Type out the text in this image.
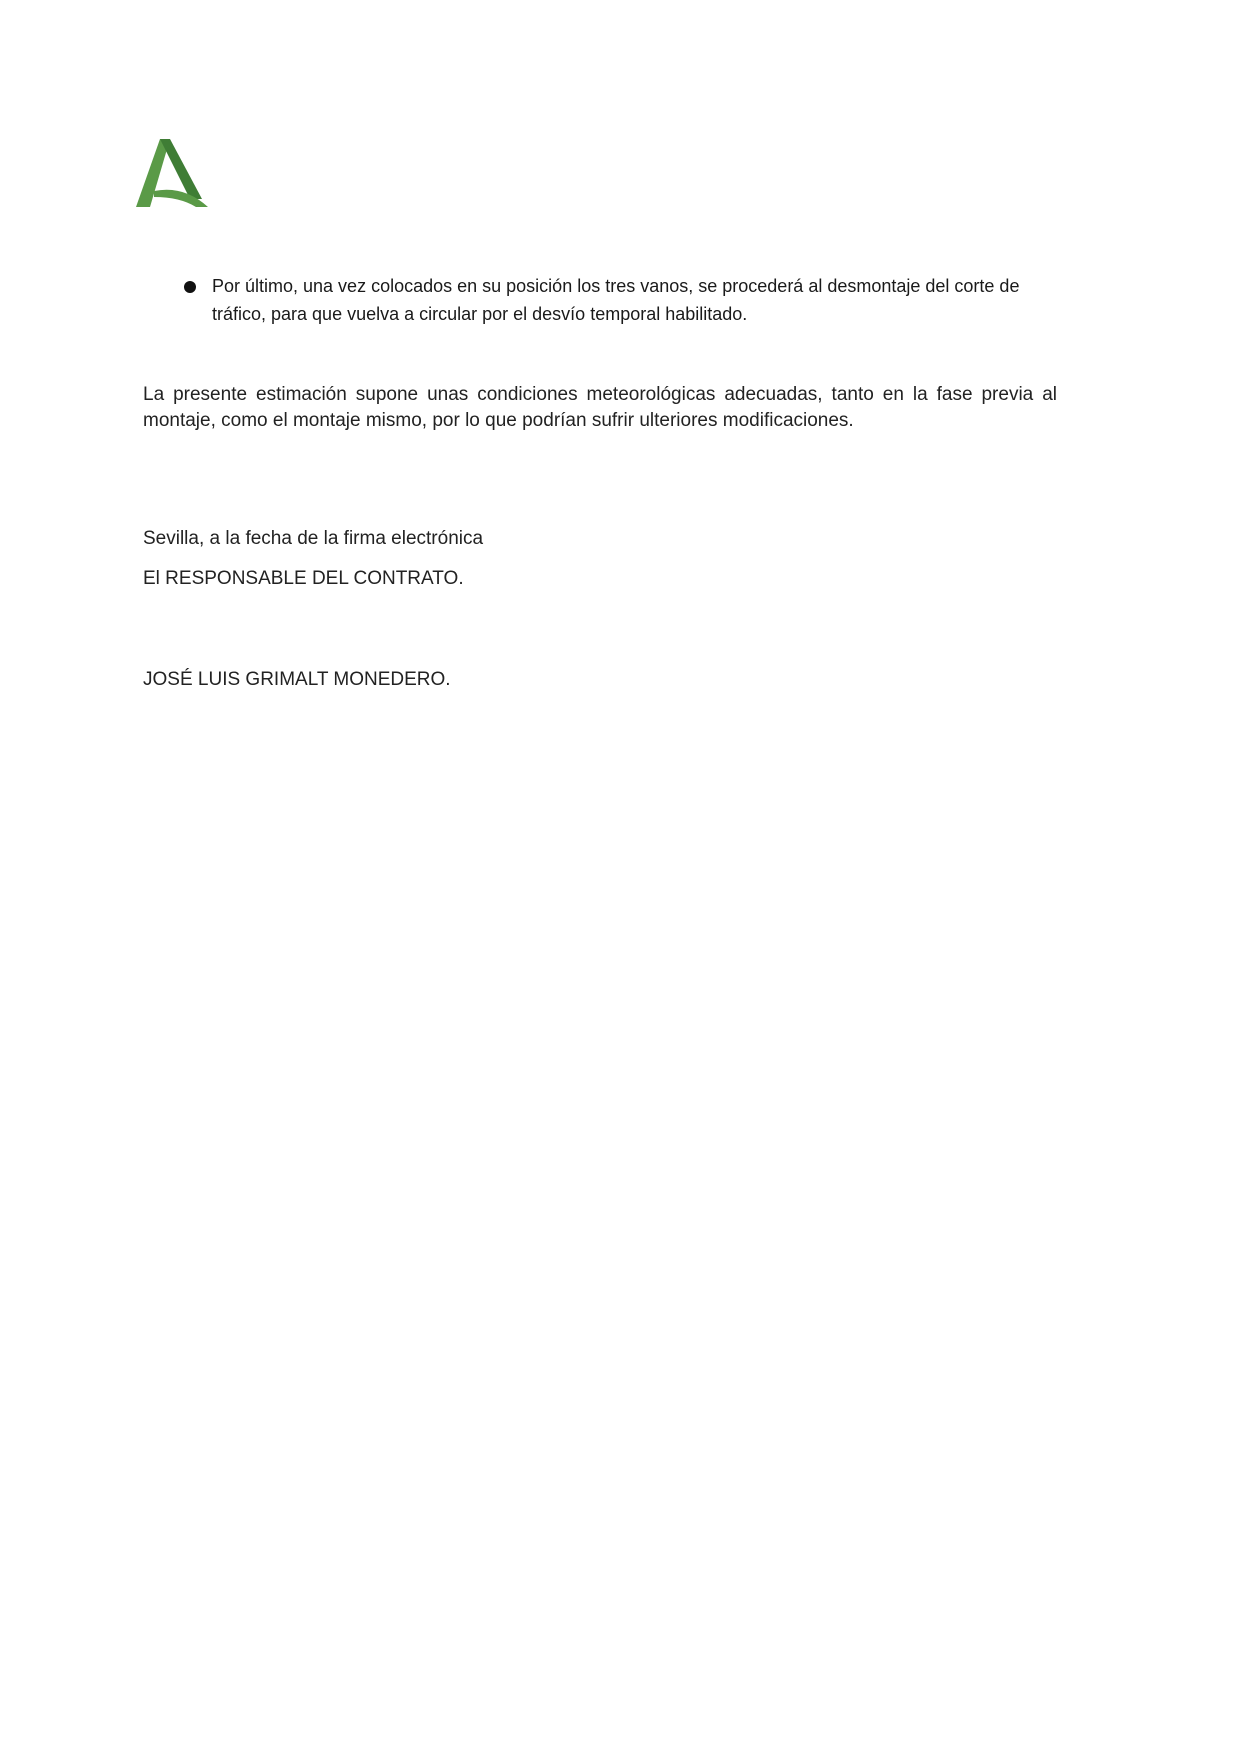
Por último, una vez colocados en su posición los tres vanos, se procederá al desmontaje del corte de tráfico, para que vuelva a circular por el desvío temporal habilitado.
La presente estimación supone unas condiciones meteorológicas adecuadas, tanto en la fase previa al montaje, como el montaje mismo, por lo que podrían sufrir ulteriores modificaciones.
Sevilla, a la fecha de la firma electrónica
El RESPONSABLE DEL CONTRATO.
JOSÉ LUIS GRIMALT MONEDERO.
